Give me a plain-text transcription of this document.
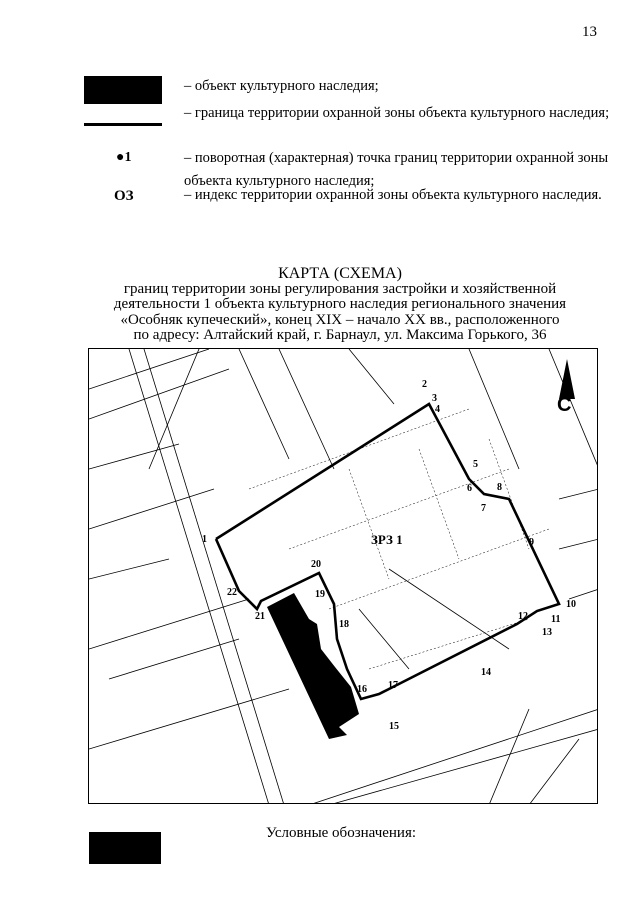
13
– объект культурного наследия;
– граница территории охранной зоны объекта культурного наследия;
●1	– поворотная (характерная) точка границ территории охранной зоны объекта культурного наследия;
ОЗ	– индекс территории охранной зоны объекта культурного наследия.
КАРТА (СХЕМА)
границ территории зоны регулирования застройки и хозяйственной
деятельности 1 объекта культурного наследия регионального значения
«Особняк купеческий», конец XIX – начало XX вв., расположенного
по адресу: Алтайский край, г. Барнаул, ул. Максима Горького, 36
ЗРЗ 1
С
1
2
3
4
5
6
7
8
9
10
11
12
13
14
15
16 17
18
19
20
21
22
Условные обозначения:
